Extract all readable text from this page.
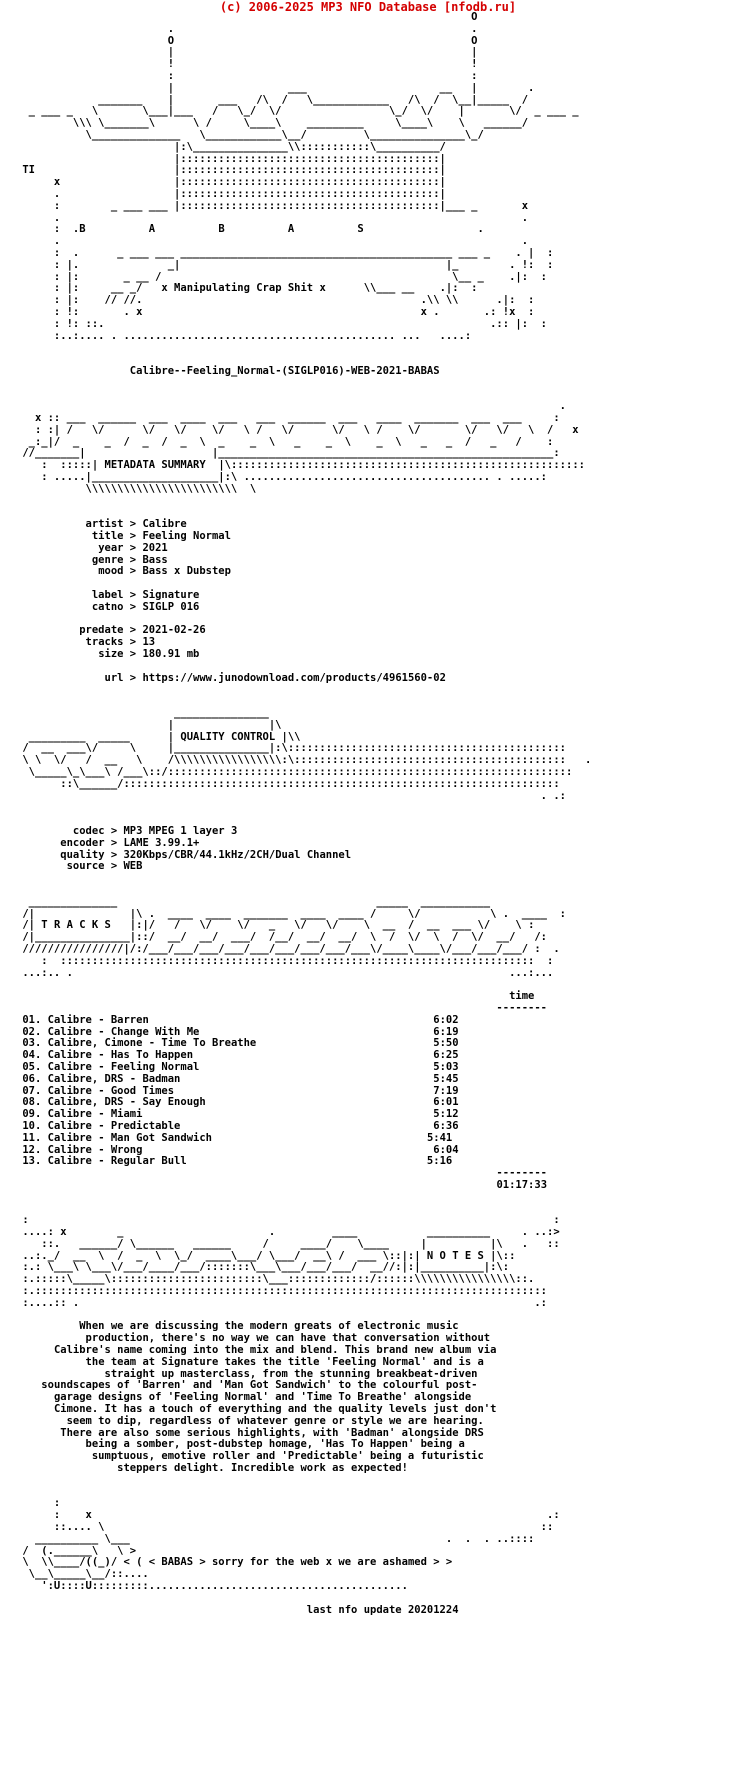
(c) 2006-2025 MP3 NFO Database [nfodb.ru]
O
.                                               .
O                                               O
|                                               |
!                                               !
:                                               :
|                  ___                     __   |        .
_______    |       ___   /\  /   \____________   /\  /  \__|_____  /
_ ___ _   \       \___|___   /   \_/  \/                 \_/  \/    |       \/  _ ___ _
\\\ \_______\      \ /     \____\    _________     \____\    \   ______/
\______________   \____________\__/         \_______________\_/
|:\_______________\\:::::::::::\__________/
|:::::::::::::::::::::::::::::::::::::::::|
TI                      |:::::::::::::::::::::::::::::::::::::::::|
x                  |:::::::::::::::::::::::::::::::::::::::::|
.                  |:::::::::::::::::::::::::::::::::::::::::|
:        _ ___ ___ |:::::::::::::::::::::::::::::::::::::::::|___ _       x
.                                                                         .
:  .B	A	B	A	S	.
.                                                                         .
:  .      _ ___ ___ ___________________________________________ ___ _    . |  :
: |.              _|                                          |_        . !:  :
: |:       _ __ /                                              \__ _    .|:  :
: |:     __ _/   x Manipulating Crap Shit x	\\___ __    .|:  :
: |:    // //.                                            .\\ \\      .|:  :
: !:       . x                                            x .       .: !x  :
: !: ::.                                                             .:: |:  :
:..:.... . ........................................... ...   ....:

Calibre--Feeling_Normal-(SIGLP016)-WEB-2021-BABAS

.
x :: ___  ______  ___  ____  ___   ___  ______  ___   ____  _______  ___  ___     :
: :| /   \/      \/   \/    \/   \ /   \/      \/   \ /    \/       \/   \/   \  /   x
_:_|/  _    _  /  _  /  _  \  _    _  \   _    _  \    _  \   _   _  /   _   /    :
//_______|                    |_____________________________________________________:
:  :::::| METADATA SUMMARY  |\::::::::::::::::::::::::::::::::::::::::::::::::::::::::
: .....|____________________|:\ ....................................... . .....:
\\\\\\\\\\\\\\\\\\\\\\\\  \

artist > Calibre
title > Feeling Normal
year > 2021
genre > Bass
mood > Bass x Dubstep

label > Signature
catno > SIGLP 016

predate > 2021-02-26
tracks > 13
size > 180.91 mb

url > https://www.junodownload.com/products/4961560-02

_______________
|               |\
_________  _____      | QUALITY CONTROL |\\
/  __  ___\/     \     |_______________|:\::::::::::::::::::::::::::::::::::::::::::::
\ \  \/   /  __   \    /\\\\\\\\\\\\\\\\\:\:::::::::::::::::::::::::::::::::::::::::::   .
\_____\_\___\ /___\::/::::::::::::::::::::::::::::::::::::::::::::::::::::::::::::::::
::\______/:::::::::::::::::::::::::::::::::::::::::::::::::::::::::::::::::::::
. .:

codec > MP3 MPEG 1 layer 3
encoder > LAME 3.99.1+
quality > 320Kbps/CBR/44.1kHz/2CH/Dual Channel
source > WEB

______________                                         _____  ___________
/|               |\ .  ____  ____  _______  ____  ____ /     \/           \ .  ____  :
/| T R A C K S   |:|/   /   \/    \/   _   \/   \/    \  __  /  __  ___ \/    \ :
/|_______________|::/  __/  __/  ___/  /__/  __/  __/  \  /  \/  \  /  \/  __/   /:
////////////////|/:/___/___/___/___/___/___/___/___/___\/____\____\/___/___/___/ :  .
:  :::::::::::::::::::::::::::::::::::::::::::::::::::::::::::::::::::::::::::  :
...:.. .                                                                     ...:...

time
--------
01. Calibre - Barren	6:02
02. Calibre - Change With Me	6:19
03. Calibre, Cimone - Time To Breathe	5:50
04. Calibre - Has To Happen	6:25
05. Calibre - Feeling Normal	5:03
06. Calibre, DRS - Badman	5:45
07. Calibre - Good Times	7:19
08. Calibre, DRS - Say Enough	6:01
09. Calibre - Miami	5:12
10. Calibre - Predictable	6:36
11. Calibre - Man Got Sandwich	5:41
12. Calibre - Wrong	6:04
13. Calibre - Regular Bull	5:16
--------
01:17:33

:                                                                                   :
....: x        _                       .         ____           __________     . ..:>
::.   ______/ \______   ______     /     ____/    \____     |          |\   .   ::
..:._/  __  \  /  _  \  \_/  ____\___/ \___/  __\ /  ___ \::|:| N O T E S |\::
:.: \___\ \___\/___/____/___/:::::::\___\___/___/___/  __//:|:|__________|:\:
:.:::::\_____\::::::::::::::::::::::::\___:::::::::::::/::::::\\\\\\\\\\\\\\\\::.
:.:::::::::::::::::::::::::::::::::::::::::::::::::::::::::::::::::::::::::::::::::
:....:: .                                                                        .:

When we are discussing the modern greats of electronic music
production, there's no way we can have that conversation without
Calibre's name coming into the mix and blend. This brand new album via
the team at Signature takes the title 'Feeling Normal' and is a
straight up masterclass, from the stunning breakbeat-driven
soundscapes of 'Barren' and 'Man Got Sandwich' to the colourful post-
garage designs of 'Feeling Normal' and 'Time To Breathe' alongside
Cimone. It has a touch of everything and the quality levels just don't
seem to dip, regardless of whatever genre or style we are hearing.
There are also some serious highlights, with 'Badman' alongside DRS
being a somber, post-dubstep homage, 'Has To Happen' being a
sumptuous, emotive roller and 'Predictable' being a futuristic
steppers delight. Incredible work as expected!

:
:    x                                                                        .:
::.... \                                                                     ::
__________ \___                                                  .  .  . ..::::
/  (.______\   \ >
\  \\____/((_)/ < ( < BABAS > sorry for the web x we are ashamed > >
\__\_____\__/::....
':U::::U:::::::::.........................................

last nfo update 20201224
